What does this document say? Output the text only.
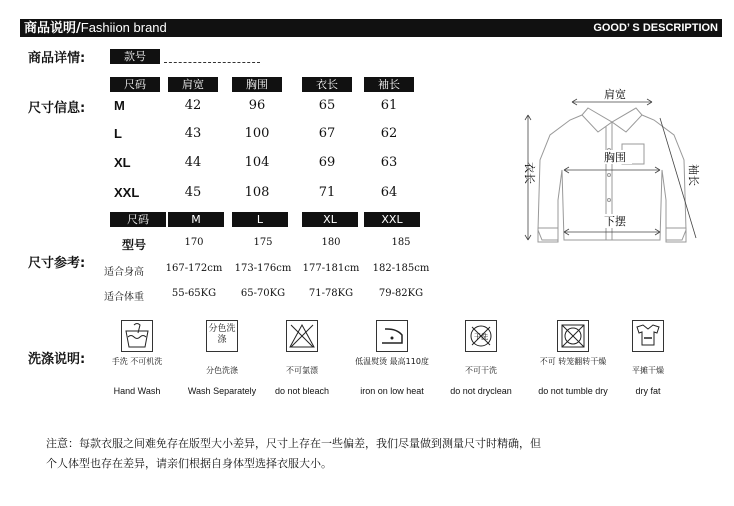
商品说明/Fashiion brand	GOOD’ S DESCRIPTION
商品详情:	款号
尺寸信息:
尺码	肩宽	胸围	衣长	袖长
M	42	96	65	61
L	43	100	67	62
XL	44	104	69	63
XXL	45	108	71	64
尺寸参考:
尺码	M	L	XL	XXL
型号	170	175	180	185
适合身高	167-172cm	173-176cm	177-181cm	182-185cm
适合体重	55-65KG	65-70KG	71-78KG	79-82KG
肩宽
胸围
下摆
衣长	袖长
洗涤说明:	手洗 不可机洗
Hand Wash
分色洗涤
分色洗涤
Wash Separately
不可氯漂
do not bleach
低温熨烫 最高110度
iron on low heat
干洗
不可干洗
do not dryclean
不可 转笼翻转干燥
do not tumble dry
平摊干燥
dry fat
注意：每款衣服之间难免存在版型大小差异，尺寸上存在一些偏差，我们尽量做到测量尺寸时精确，但
个人体型也存在差异，请亲们根据自身体型选择衣服大小。
